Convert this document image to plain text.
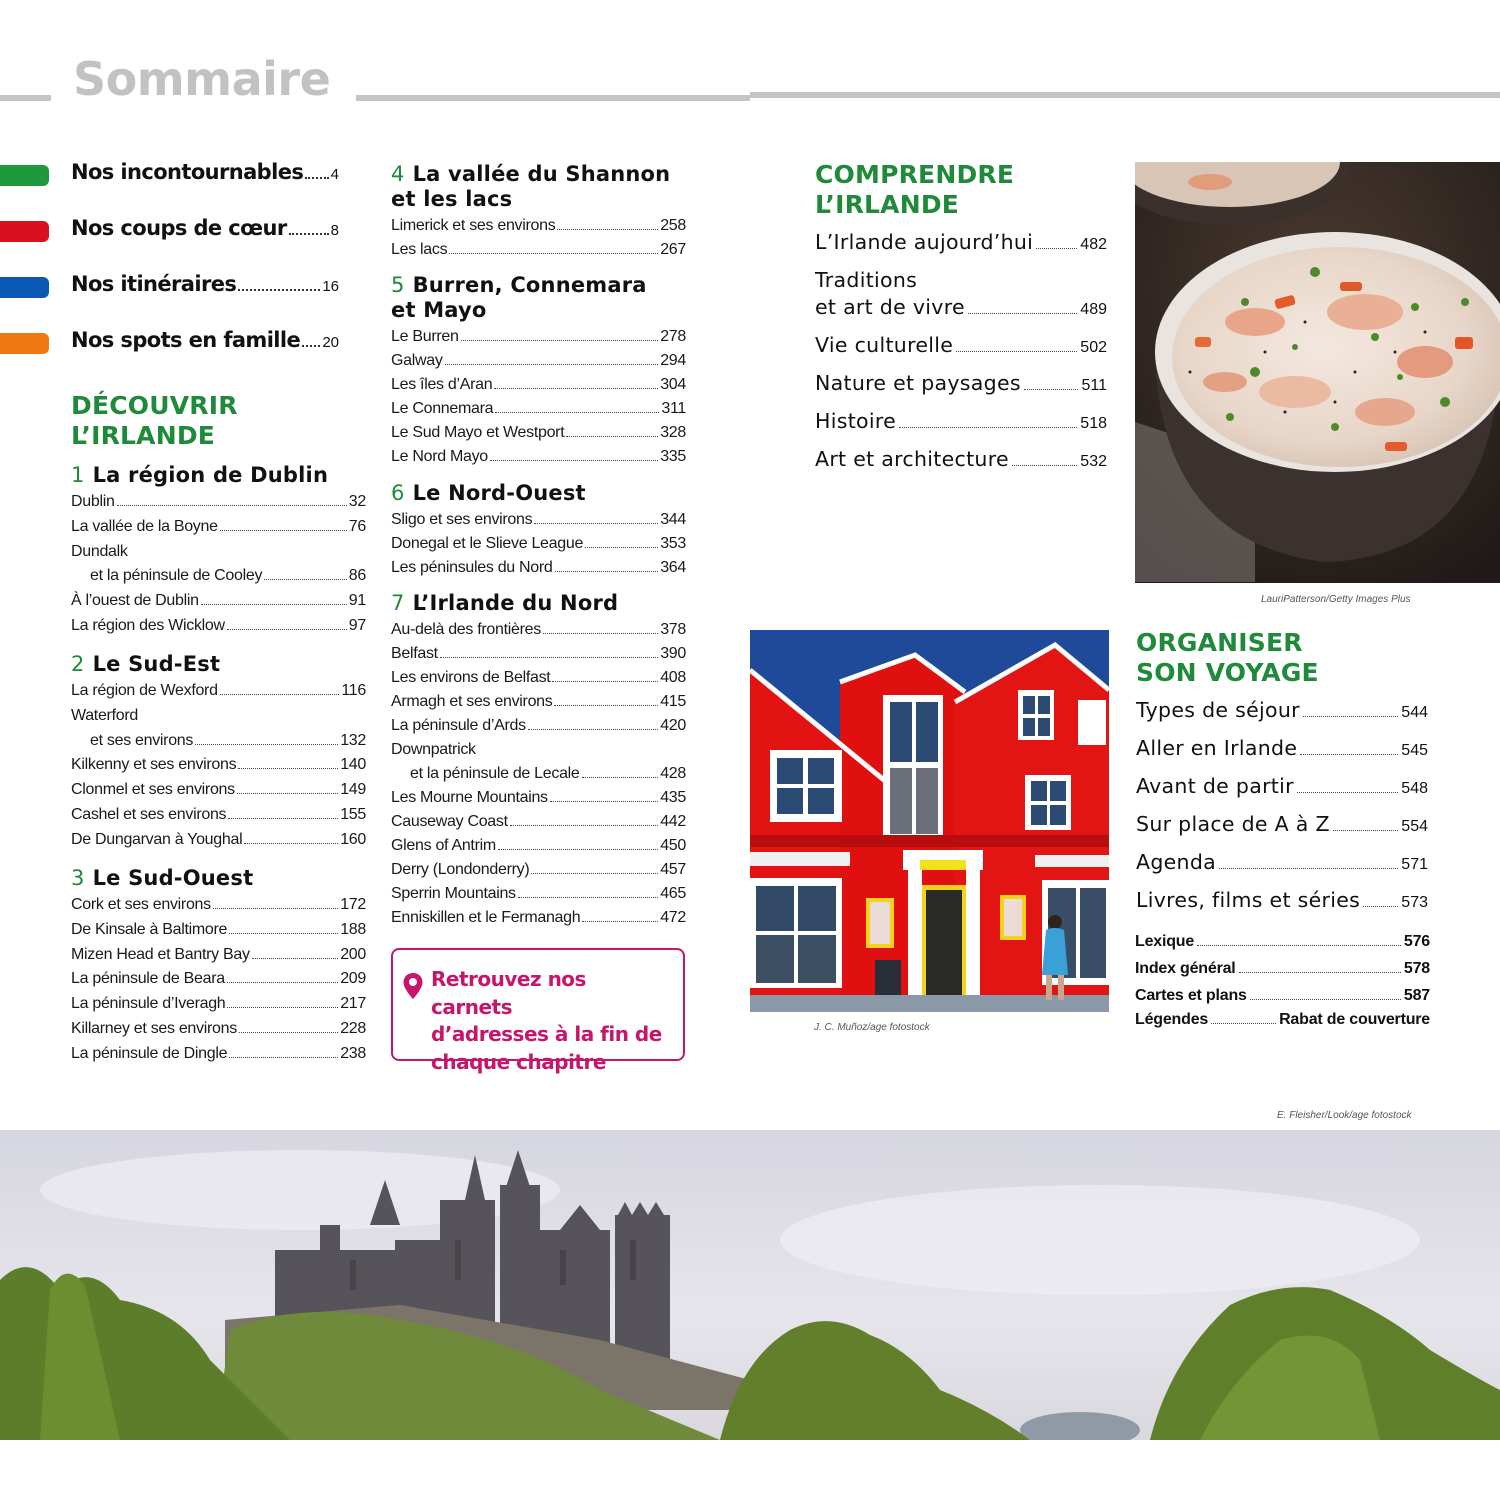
Sommaire
Nos incontournables 4
Nos coups de cœur	8
Nos itinéraires	16
Nos spots en famille 20
DÉCOUVRIR
L’IRLANDE
1 La région de Dublin
Dublin	32
La vallée de la Boyne	76
Dundalk
et la péninsule de Cooley	86
À l’ouest de Dublin	91
La région des Wicklow	97
2 Le Sud-Est
La région de Wexford	116
Waterford
et ses environs	132
Kilkenny et ses environs	140
Clonmel et ses environs	149
Cashel et ses environs	155
De Dungarvan à Youghal	160
3 Le Sud-Ouest
Cork et ses environs	172
De Kinsale à Baltimore	188
Mizen Head et Bantry Bay	200
La péninsule de Beara	209
La péninsule d’Iveragh	217
Killarney et ses environs	228
La péninsule de Dingle	238
4 La vallée du Shannon
et les lacs
Limerick et ses environs	258
Les lacs	267
5 Burren, Connemara
et Mayo
Le Burren	278
Galway	294
Les îles d’Aran	304
Le Connemara	311
Le Sud Mayo et Westport	328
Le Nord Mayo	335
6 Le Nord-Ouest
Sligo et ses environs	344
Donegal et le Slieve League	353
Les péninsules du Nord	364
7 L’Irlande du Nord
Au-delà des frontières	378
Belfast	390
Les environs de Belfast	408
Armagh et ses environs	415
La péninsule d’Ards	420
Downpatrick
et la péninsule de Lecale	428
Les Mourne Mountains	435
Causeway Coast	442
Glens of Antrim	450
Derry (Londonderry)	457
Sperrin Mountains	465
Enniskillen et le Fermanagh	472
Retrouvez nos carnets
d’adresses à la fin de
chaque chapitre
COMPRENDRE
L’IRLANDE
L’Irlande aujourd’hui	482
Traditions
et art de vivre	489
Vie culturelle	502
Nature et paysages	511
Histoire	518
Art et architecture	532
LauriPatterson/Getty Images Plus
J. C. Muñoz/age fotostock
ORGANISER
SON VOYAGE
Types de séjour	544
Aller en Irlande	545
Avant de partir	548
Sur place de A à Z	554
Agenda	571
Livres, films et séries	573
Lexique	576
Index général	578
Cartes et plans	587
Légendes	Rabat de couverture
E. Fleisher/Look/age fotostock
